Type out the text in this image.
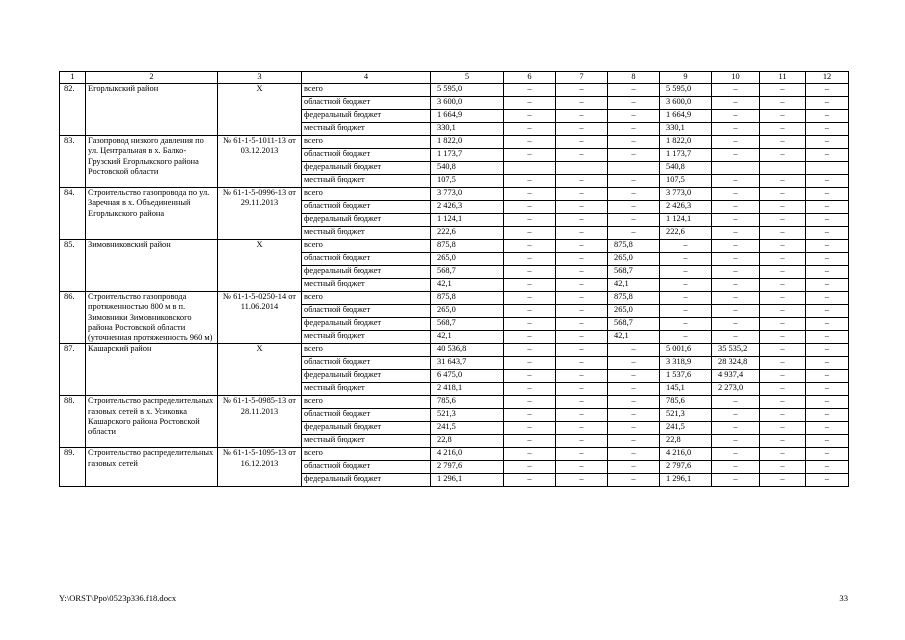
1	2	3	4	5	6	7	8	9	10	11	12
82.	Егорлыкский район	Х	всего	5 595,0	–	–	–	5 595,0	–	–	–
			областной бюджет	3 600,0	–	–	–	3 600,0	–	–	–
			федеральный бюджет	1 664,9	–	–	–	1 664,9	–	–	–
			местный бюджет	330,1	–	–	–	330,1	–	–	–
83.	Газопровод низкого давления по ул. Центральная в х. Балко-Грузский Егорлыкского района Ростовской области	№ 61-1-5-1011-13 от 03.12.2013	всего	1 822,0	–	–	–	1 822,0	–	–	–
			областной бюджет	1 173,7	–	–	–	1 173,7	–	–	–
			федеральный бюджет	540,8				540,8			
			местный бюджет	107,5	–	–	–	107,5	–	–	–
84.	Строительство газопровода по ул. Заречная в х. Объединенный Егорлыкского района	№ 61-1-5-0996-13 от 29.11.2013	всего	3 773,0	–	–	–	3 773,0	–	–	–
			областной бюджет	2 426,3	–	–	–	2 426,3	–	–	–
			федеральный бюджет	1 124,1	–	–	–	1 124,1	–	–	–
			местный бюджет	222,6	–	–	–	222,6	–	–	–
85.	Зимовниковский район	Х	всего	875,8	–	–	875,8	–	–	–	–
			областной бюджет	265,0	–	–	265,0	–	–	–	–
			федеральный бюджет	568,7	–	–	568,7	–	–	–	–
			местный бюджет	42,1	–	–	42,1	–	–	–	–
86.	Строительство газопровода протяженностью 800 м в п. Зимовники Зимовниковского района Ростовской области (уточненная протяженность 960 м)	№ 61-1-5-0250-14 от 11.06.2014	всего	875,8	–	–	875,8	–	–	–	–
			областной бюджет	265,0	–	–	265,0	–	–	–	–
			федеральный бюджет	568,7	–	–	568,7	–	–	–	–
			местный бюджет	42,1	–	–	42,1	–	–	–	–
87.	Кашарский район	Х	всего	40 536,8	–	–	–	5 001,6	35 535,2	–	–
			областной бюджет	31 643,7	–	–	–	3 318,9	28 324,8	–	–
			федеральный бюджет	6 475,0	–	–	–	1 537,6	4 937,4	–	–
			местный бюджет	2 418,1	–	–	–	145,1	2 273,0	–	–
88.	Строительство распределительных газовых сетей в х. Усиковка Кашарского района Ростовской области	№ 61-1-5-0985-13 от 28.11.2013	всего	785,6	–	–	–	785,6	–	–	–
			областной бюджет	521,3	–	–	–	521,3	–	–	–
			федеральный бюджет	241,5	–	–	–	241,5	–	–	–
			местный бюджет	22,8	–	–	–	22,8	–	–	–
89.	Строительство распределительных газовых сетей	№ 61-1-5-1095-13 от 16.12.2013	всего	4 216,0	–	–	–	4 216,0	–	–	–
			областной бюджет	2 797,6	–	–	–	2 797,6	–	–	–
			федеральный бюджет	1 296,1	–	–	–	1 296,1	–	–	–
Y:\ORST\Ppo\0523p336.f18.docx	33
